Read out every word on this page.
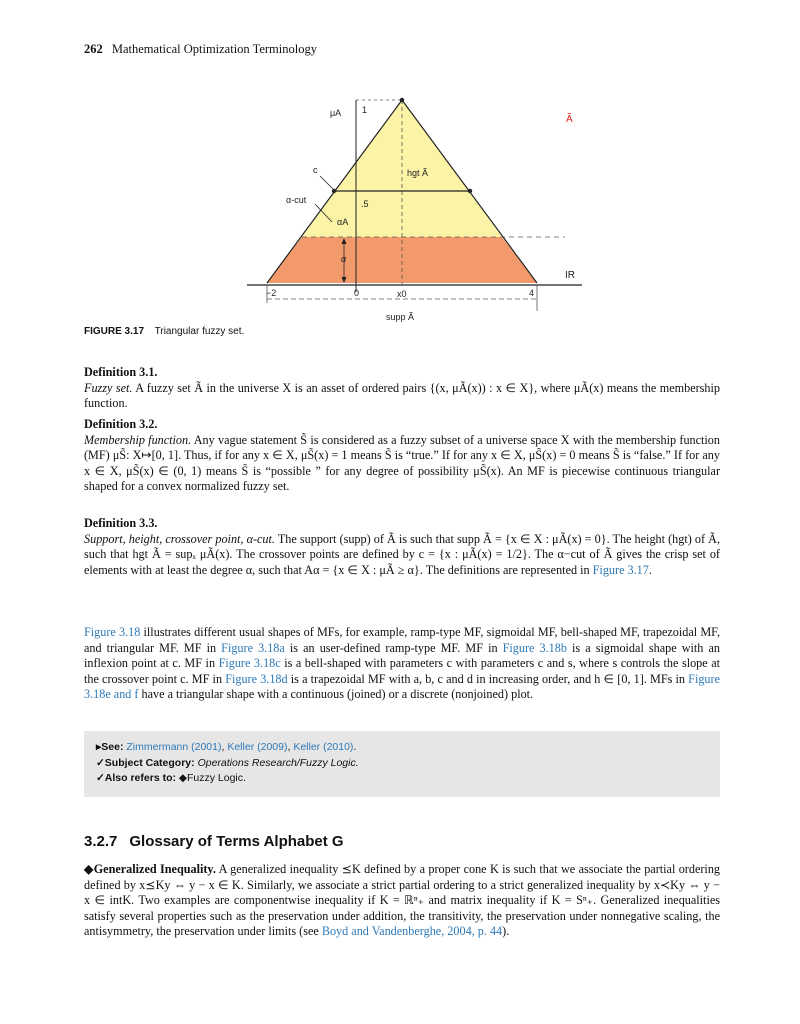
262 Mathematical Optimization Terminology
μA 1
Ã
c	hgt Ã
α-cut	.5
αA
α
IR
−2	0	x0	4
supp Ã
FIGURE 3.17 Triangular fuzzy set.
Definition 3.1.
Fuzzy set. A fuzzy set Ã in the universe X is an asset of ordered pairs {(x, μÃ(x)) : x ∈ X}, where μÃ(x) means the membership function.
Definition 3.2.
Membership function. Any vague statement S̃ is considered as a fuzzy subset of a universe space X with the membership function (MF) μS̃: X↦[0, 1]. Thus, if for any x ∈ X, μS̃(x) = 1 means S̃ is “true.” If for any x ∈ X, μS̃(x) = 0 means S̃ is “false.” If for any x ∈ X, μS̃(x) ∈ (0, 1) means S̃ is “possible ” for any degree of possibility μS̃(x). An MF is piecewise continuous triangular shaped for a convex normalized fuzzy set.
Definition 3.3.
Support, height, crossover point, α-cut. The support (supp) of Ã is such that supp Ã = {x ∈ X : μÃ(x) = 0}. The height (hgt) of Ã, such that hgt Ã = supₓ μÃ(x). The crossover points are defined by c = {x : μÃ(x) = 1/2}. The α−cut of Ã gives the crisp set of elements with at least the degree α, such that Aα = {x ∈ X : μÃ ≥ α}. The definitions are represented in Figure 3.17.
Figure 3.18 illustrates different usual shapes of MFs, for example, ramp-type MF, sigmoidal MF, bell-shaped MF, trapezoidal MF, and triangular MF. MF in Figure 3.18a is an user-defined ramp-type MF. MF in Figure 3.18b is a sigmoidal shape with an inflexion point at c. MF in Figure 3.18c is a bell-shaped with parameters c with parameters c and s, where s controls the slope at the crossover point c. MF in Figure 3.18d is a trapezoidal MF with a, b, c and d in increasing order, and h ∈ [0, 1]. MFs in Figure 3.18e and f have a triangular shape with a continuous (joined) or a discrete (nonjoined) plot.
▸See: Zimmermann (2001), Keller (2009), Keller (2010).
✓Subject Category: Operations Research/Fuzzy Logic.
✓Also refers to: ◆Fuzzy Logic.
3.2.7 Glossary of Terms Alphabet G
◆Generalized Inequality. A generalized inequality ⪯K defined by a proper cone K is such that we associate the partial ordering defined by x⪯Ky ⇔ y − x ∈ K. Similarly, we associate a strict partial ordering to a strict generalized inequality by x≺Ky ⇔ y − x ∈ intK. Two examples are componentwise inequality if K = ℝⁿ₊ and matrix inequality if K = Sⁿ₊. Generalized inequalities satisfy several properties such as the preservation under addition, the transitivity, the preservation under nonnegative scaling, the antisymmetry, the preservation under limits (see Boyd and Vandenberghe, 2004, p. 44).
